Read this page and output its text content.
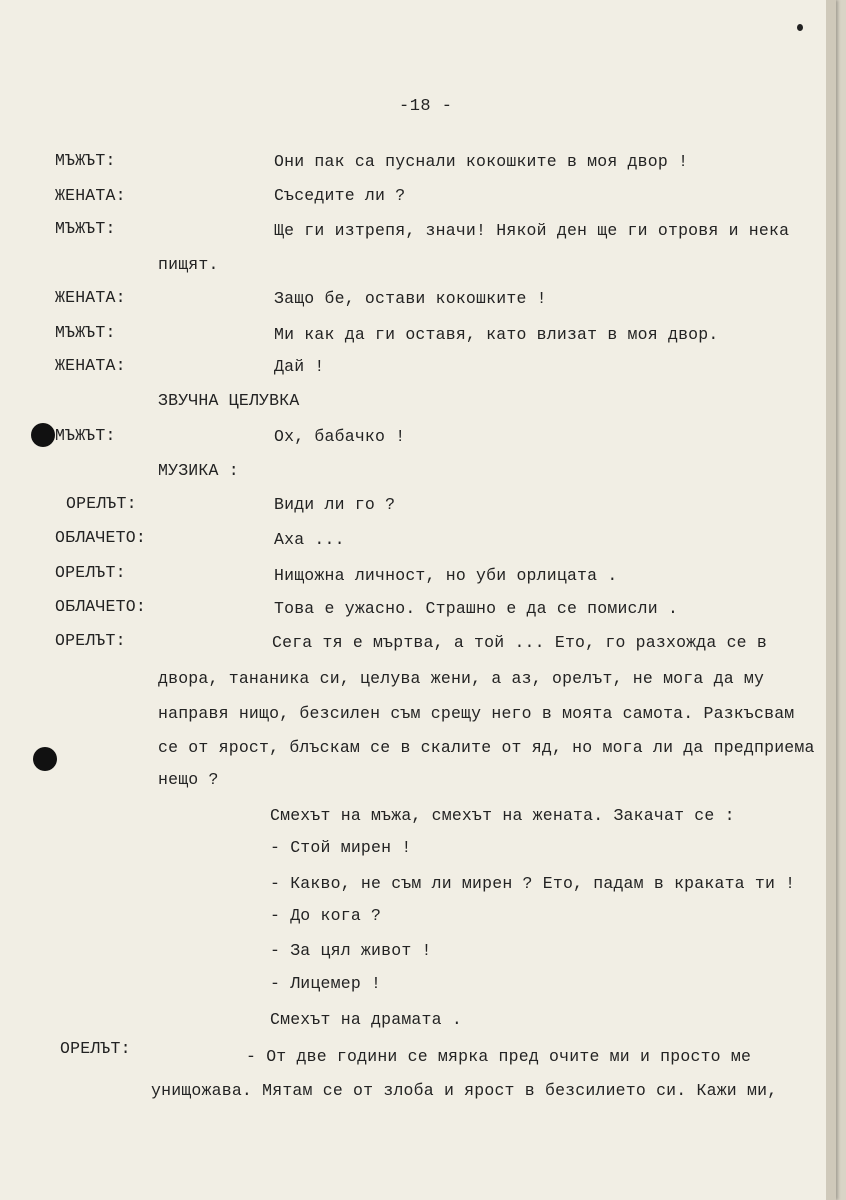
-18 -
МЪЖЪТ:	Они пак са пуснали кокошките в моя двор !
ЖЕНАТА:	Съседите ли ?
МЪЖЪТ:	Ще ги изтрепя, значи! Някой ден ще ги отровя и нека
пищят.
ЖЕНАТА:	Защо бе, остави кокошките !
МЪЖЪТ:	Ми как да ги оставя, като влизат в моя двор.
ЖЕНАТА:	Дай !
ЗВУЧНА ЦЕЛУВКА
МЪЖЪТ:	Ох, бабачко !
МУЗИКА :
ОРЕЛЪТ:	Види ли го ?
ОБЛАЧЕТО:	Аха ...
ОРЕЛЪТ:	Нищожна личност, но уби орлицата .
ОБЛАЧЕТО:	Това е ужасно. Страшно е да се помисли .
ОРЕЛЪТ:	Сега тя е мъртва, а той ... Ето, го разхожда се в
двора, тананика си, целува жени, а аз, орелът, не мога да му
направя нищо, безсилен съм срещу него в моята самота. Разкъсвам
се от ярост, блъскам се в скалите от яд, но мога ли да предприема
нещо ?
Смехът на мъжа, смехът на жената. Закачат се :
- Стой мирен !
- Какво, не съм ли мирен ? Ето, падам в краката ти !
- До кога ?
- За цял живот !
- Лицемер !
Смехът на драмата .
ОРЕЛЪТ:	- От две години се мярка пред очите ми и просто ме
унищожава. Мятам се от злоба и ярост в безсилието си. Кажи ми,
